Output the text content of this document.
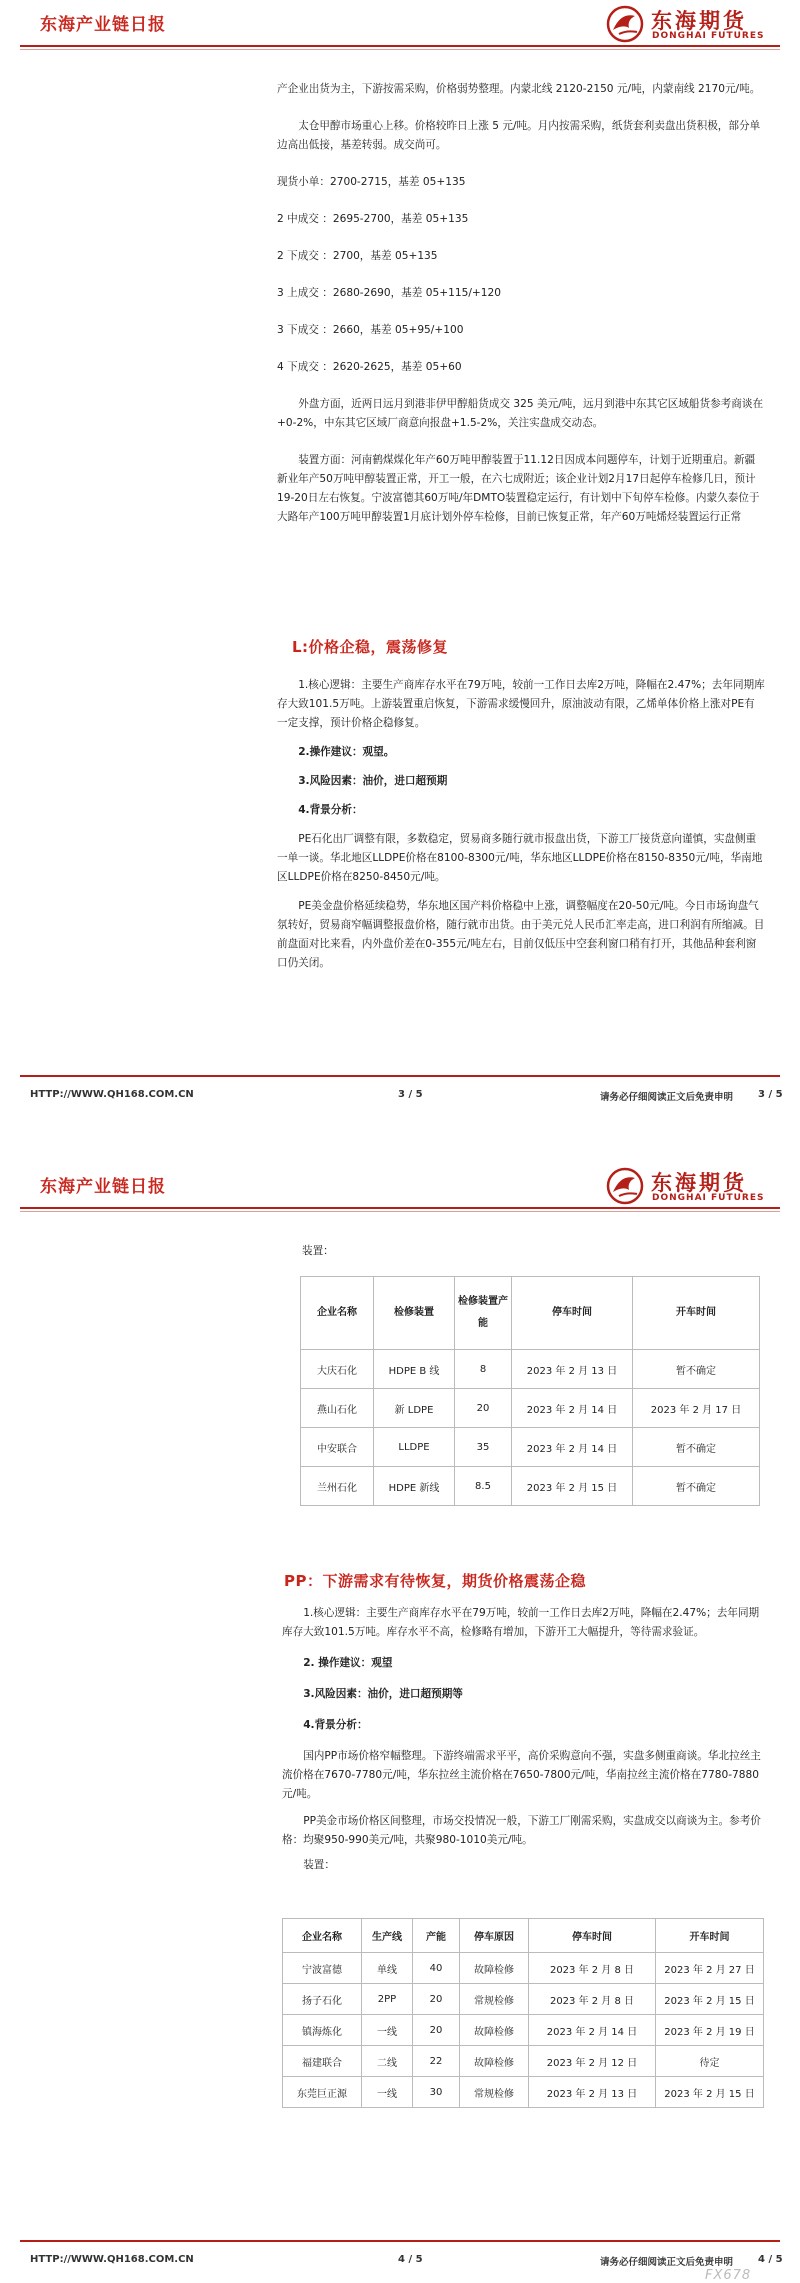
东海产业链日报	东海期货
DONGHAI FUTURES

产企业出货为主，下游按需采购，价格弱势整理。内蒙北线 2120-2150 元/吨，内蒙南线 2170元/吨。

太仓甲醇市场重心上移。价格较昨日上涨 5 元/吨。月内按需采购，纸货套利卖盘出货积极，部分单边高出低接，基差转弱。成交尚可。

现货小单：2700-2715，基差 05+135

2 中成交 ：2695-2700，基差 05+135

2 下成交 ：2700，基差 05+135

3 上成交 ：2680-2690，基差 05+115/+120

3 下成交 ：2660，基差 05+95/+100

4 下成交 ：2620-2625，基差 05+60

外盘方面，近两日远月到港非伊甲醇船货成交 325 美元/吨，远月到港中东其它区域船货参考商谈在+0-2%，中东其它区域厂商意向报盘+1.5-2%，关注实盘成交动态。

装置方面：河南鹤煤煤化年产60万吨甲醇装置于11.12日因成本问题停车，计划于近期重启。新疆新业年产50万吨甲醇装置正常，开工一般，在六七成附近；该企业计划2月17日起停车检修几日，预计19-20日左右恢复。宁波富德其60万吨/年DMTO装置稳定运行，有计划中下旬停车检修。内蒙久泰位于大路年产100万吨甲醇装置1月底计划外停车检修，目前已恢复正常，年产60万吨烯烃装置运行正常

L:价格企稳，震荡修复

1.核心逻辑：主要生产商库存水平在79万吨，较前一工作日去库2万吨，降幅在2.47%；去年同期库存大致101.5万吨。上游装置重启恢复，下游需求缓慢回升，原油波动有限，乙烯单体价格上涨对PE有一定支撑，预计价格企稳修复。

2.操作建议：观望。

3.风险因素：油价，进口超预期

4.背景分析：

PE石化出厂调整有限，多数稳定，贸易商多随行就市报盘出货，下游工厂接货意向谨慎，实盘侧重一单一谈。华北地区LLDPE价格在8100-8300元/吨，华东地区LLDPE价格在8150-8350元/吨，华南地区LLDPE价格在8250-8450元/吨。

PE美金盘价格延续稳势，华东地区国产料价格稳中上涨，调整幅度在20-50元/吨。今日市场询盘气氛转好，贸易商窄幅调整报盘价格，随行就市出货。由于美元兑人民币汇率走高，进口利润有所缩减。目前盘面对比来看，内外盘价差在0-355元/吨左右，目前仅低压中空套利窗口稍有打开，其他品种套利窗口仍关闭。

HTTP://WWW.QH168.COM.CN	3 / 5	请务必仔细阅读正文后免责申明 3 / 5
东海产业链日报	东海期货
DONGHAI FUTURES

装置：

企业名称	检修装置	检修装置产能	停车时间	开车时间
大庆石化	HDPE B 线	8	2023 年 2 月 13 日	暂不确定
燕山石化	新 LDPE	20	2023 年 2 月 14 日	2023 年 2 月 17 日
中安联合	LLDPE	35	2023 年 2 月 14 日	暂不确定
兰州石化	HDPE 新线	8.5	2023 年 2 月 15 日	暂不确定
PP：下游需求有待恢复，期货价格震荡企稳

1.核心逻辑：主要生产商库存水平在79万吨，较前一工作日去库2万吨，降幅在2.47%；去年同期库存大致101.5万吨。库存水平不高，检修略有增加，下游开工大幅提升，等待需求验证。

2. 操作建议：观望

3.风险因素：油价，进口超预期等

4.背景分析：

国内PP市场价格窄幅整理。下游终端需求平平，高价采购意向不强，实盘多侧重商谈。华北拉丝主流价格在7670-7780元/吨，华东拉丝主流价格在7650-7800元/吨，华南拉丝主流价格在7780-7880元/吨。

PP美金市场价格区间整理，市场交投情况一般，下游工厂刚需采购，实盘成交以商谈为主。参考价格：均聚950-990美元/吨，共聚980-1010美元/吨。

装置：

企业名称	生产线	产能	停车原因	停车时间	开车时间
宁波富德	单线	40	故障检修	2023 年 2 月 8 日	2023 年 2 月 27 日
扬子石化	2PP	20	常规检修	2023 年 2 月 8 日	2023 年 2 月 15 日
镇海炼化	一线	20	故障检修	2023 年 2 月 14 日	2023 年 2 月 19 日
福建联合	二线	22	故障检修	2023 年 2 月 12 日	待定
东莞巨正源	一线	30	常规检修	2023 年 2 月 13 日	2023 年 2 月 15 日
HTTP://WWW.QH168.COM.CN	4 / 5	请务必仔细阅读正文后免责申明 4 / 5
FX678
